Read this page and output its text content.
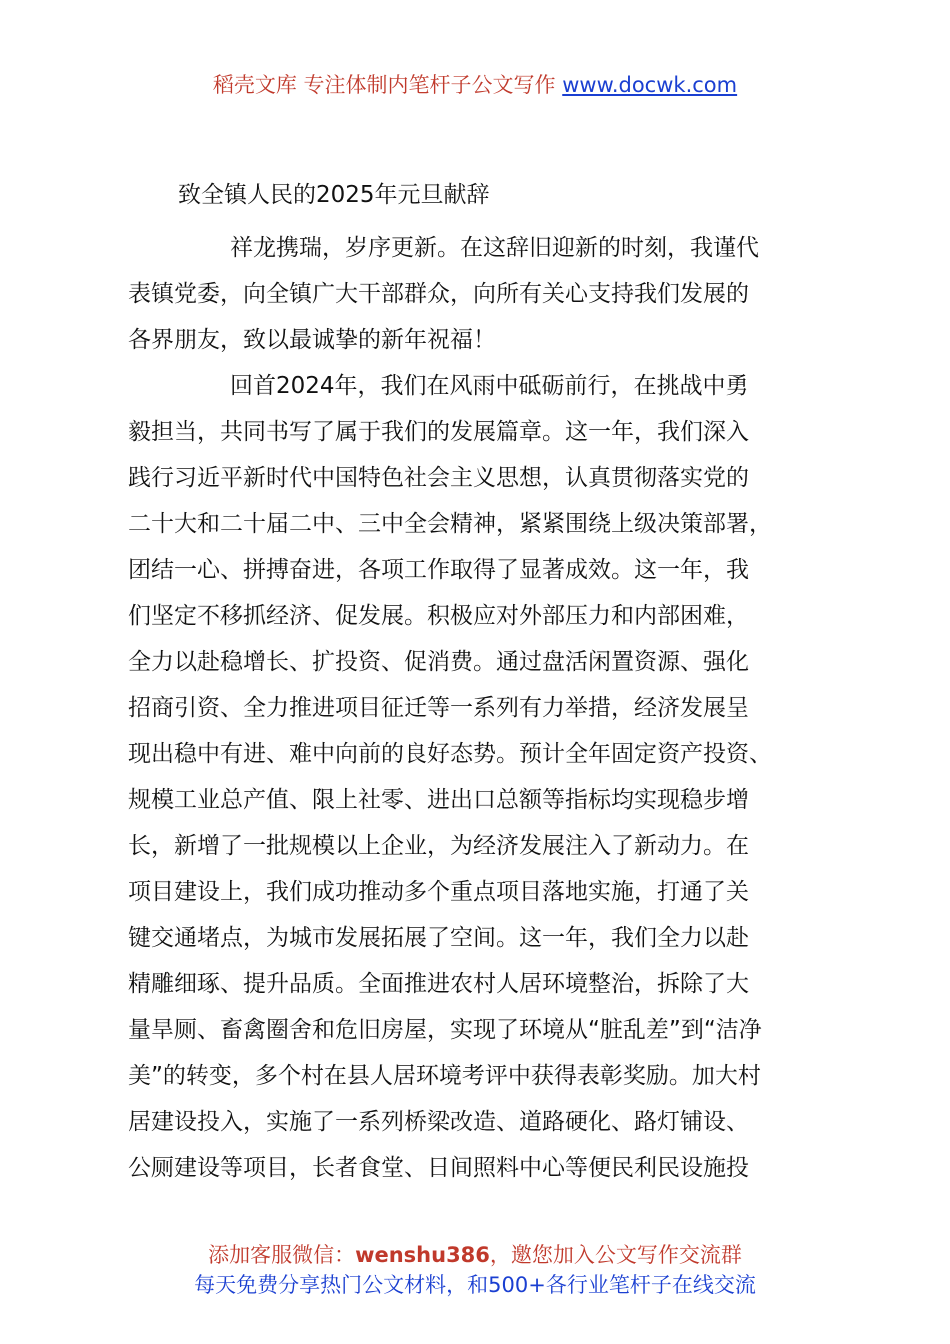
稻壳文库 专注体制内笔杆子公文写作 www.docwk.com
致全镇人民的2025年元旦献辞
祥龙携瑞，岁序更新。在这辞旧迎新的时刻，我谨代
表镇党委，向全镇广大干部群众，向所有关心支持我们发展的
各界朋友，致以最诚挚的新年祝福！
回首2024年，我们在风雨中砥砺前行，在挑战中勇
毅担当，共同书写了属于我们的发展篇章。这一年，我们深入
践行习近平新时代中国特色社会主义思想，认真贯彻落实党的
二十大和二十届二中、三中全会精神，紧紧围绕上级决策部署，
团结一心、拼搏奋进，各项工作取得了显著成效。这一年，我
们坚定不移抓经济、促发展。积极应对外部压力和内部困难，
全力以赴稳增长、扩投资、促消费。通过盘活闲置资源、强化
招商引资、全力推进项目征迁等一系列有力举措，经济发展呈
现出稳中有进、难中向前的良好态势。预计全年固定资产投资、
规模工业总产值、限上社零、进出口总额等指标均实现稳步增
长，新增了一批规模以上企业，为经济发展注入了新动力。在
项目建设上，我们成功推动多个重点项目落地实施，打通了关
键交通堵点，为城市发展拓展了空间。这一年，我们全力以赴
精雕细琢、提升品质。全面推进农村人居环境整治，拆除了大
量旱厕、畜禽圈舍和危旧房屋，实现了环境从“脏乱差”到“洁净
美”的转变，多个村在县人居环境考评中获得表彰奖励。加大村
居建设投入，实施了一系列桥梁改造、道路硬化、路灯铺设、
公厕建设等项目，长者食堂、日间照料中心等便民利民设施投
添加客服微信：wenshu386，邀您加入公文写作交流群
每天免费分享热门公文材料，和500+各行业笔杆子在线交流
